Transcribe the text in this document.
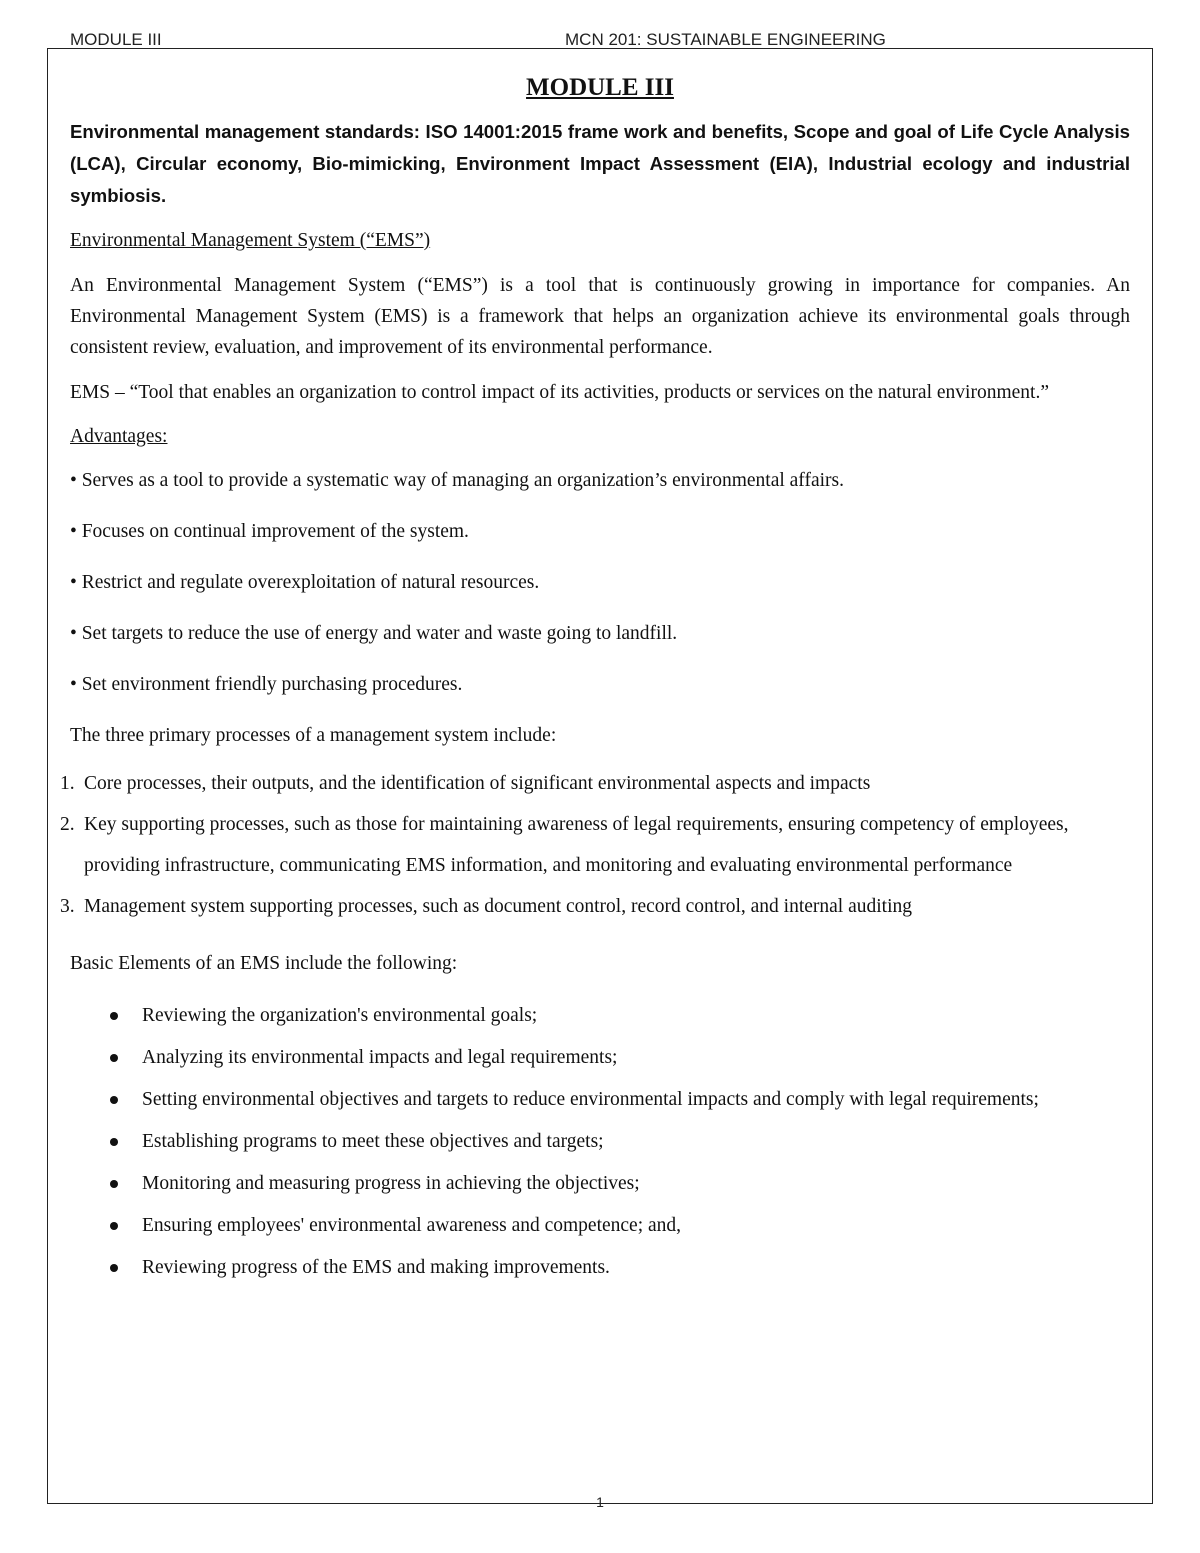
MODULE III	MCN 201: SUSTAINABLE ENGINEERING
MODULE III

Environmental management standards: ISO 14001:2015 frame work and benefits, Scope and goal of Life Cycle Analysis (LCA), Circular economy, Bio-mimicking, Environment Impact Assessment (EIA), Industrial ecology and industrial symbiosis.

Environmental Management System (“EMS”)

An Environmental Management System (“EMS”) is a tool that is continuously growing in importance for companies. An Environmental Management System (EMS) is a framework that helps an organization achieve its environmental goals through consistent review, evaluation, and improvement of its environmental performance.

EMS – “Tool that enables an organization to control impact of its activities, products or services on the natural environment.”

Advantages:
• Serves as a tool to provide a systematic way of managing an organization’s environmental affairs.
• Focuses on continual improvement of the system.
• Restrict and regulate overexploitation of natural resources.
• Set targets to reduce the use of energy and water and waste going to landfill.
• Set environment friendly purchasing procedures.
The three primary processes of a management system include:
1. Core processes, their outputs, and the identification of significant environmental aspects and impacts
2. Key supporting processes, such as those for maintaining awareness of legal requirements, ensuring competency of employees, providing infrastructure, communicating EMS information, and monitoring and evaluating environmental performance
3. Management system supporting processes, such as document control, record control, and internal auditing
Basic Elements of an EMS include the following:
Reviewing the organization's environmental goals;
Analyzing its environmental impacts and legal requirements;
Setting environmental objectives and targets to reduce environmental impacts and comply with legal requirements;
Establishing programs to meet these objectives and targets;
Monitoring and measuring progress in achieving the objectives;
Ensuring employees' environmental awareness and competence; and,
Reviewing progress of the EMS and making improvements.
1
